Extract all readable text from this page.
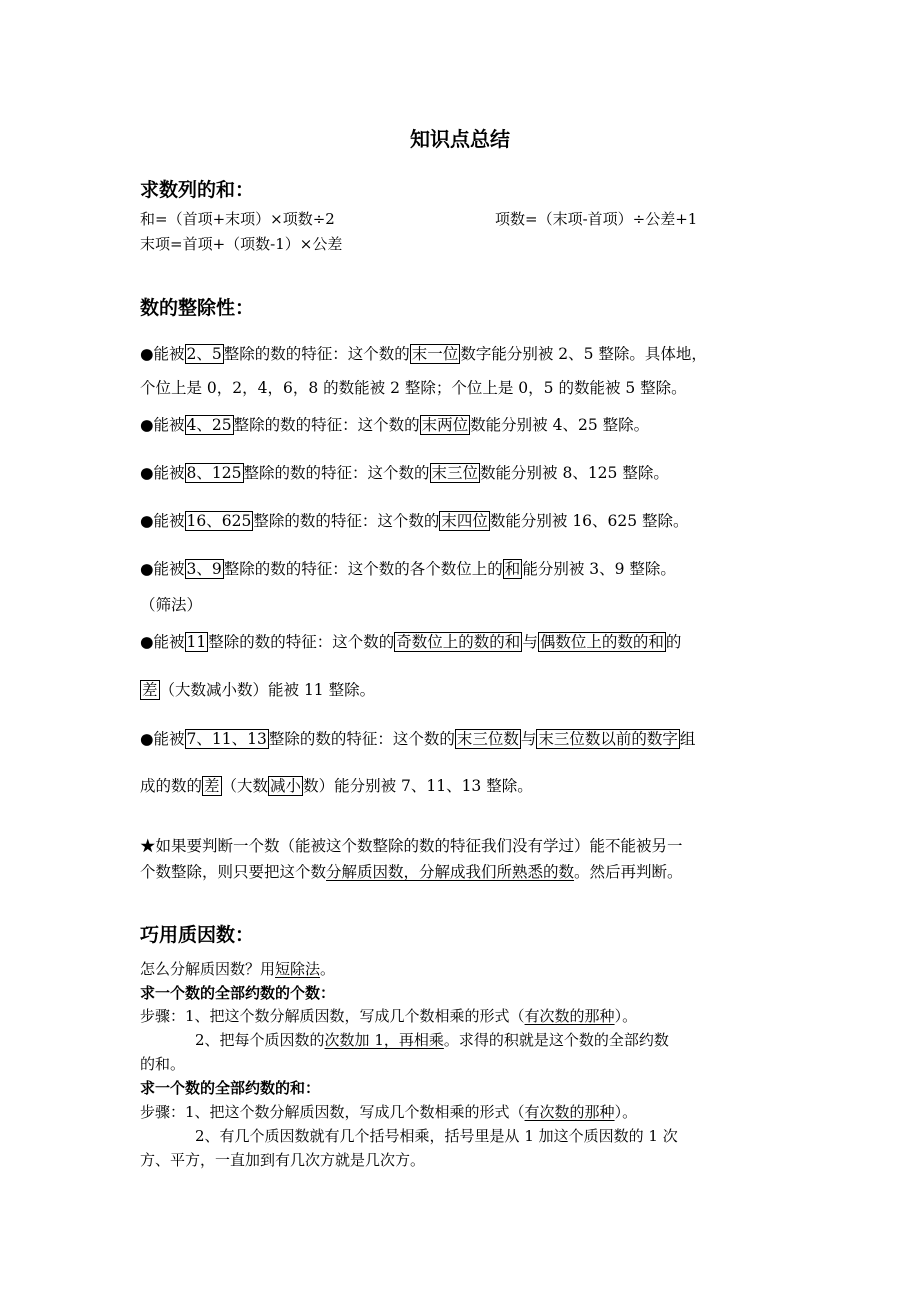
知识点总结
求数列的和：
和=（首项+末项）×项数÷2	项数=（末项-首项）÷公差+1
末项=首项+（项数-1）×公差
数的整除性：
●能被 2、5 整除的数的特征：这个数的 末一位 数字能分别被 2、5 整除。具体地，
个位上是 0，2，4，6，8 的数能被 2 整除；个位上是 0，5 的数能被 5 整除。
●能被 4、25 整除的数的特征：这个数的 末两位 数能分别被 4、25 整除。
●能被 8、125 整除的数的特征：这个数的 末三位 数能分别被 8、125 整除。
●能被 16、625 整除的数的特征：这个数的 末四位 数能分别被 16、625 整除。
●能被 3、9 整除的数的特征：这个数的各个数位上的 和 能分别被 3、9 整除。
（筛法）
●能被 11 整除的数的特征：这个数的 奇数位上的数的和 与 偶数位上的数的和 的
差 （大数减小数）能被 11 整除。
●能被 7、11、13 整除的数的特征：这个数的 末三位数 与 末三位数以前的数字 组
成的数的 差 （大数 减小 数）能分别被 7、11、13 整除。
★如果要判断一个数（能被这个数整除的数的特征我们没有学过）能不能被另一
个数整除，则只要把这个数分解质因数，分解成我们所熟悉的数。然后再判断。
巧用质因数：
怎么分解质因数？用短除法。
求一个数的全部约数的个数：
步骤：1、把这个数分解质因数，写成几个数相乘的形式（有次数的那种）。
2、把每个质因数的次数加 1，再相乘。求得的积就是这个数的全部约数
的和。
求一个数的全部约数的和：
步骤：1、把这个数分解质因数，写成几个数相乘的形式（有次数的那种）。
2、有几个质因数就有几个括号相乘，括号里是从 1 加这个质因数的 1 次
方、平方，一直加到有几次方就是几次方。
